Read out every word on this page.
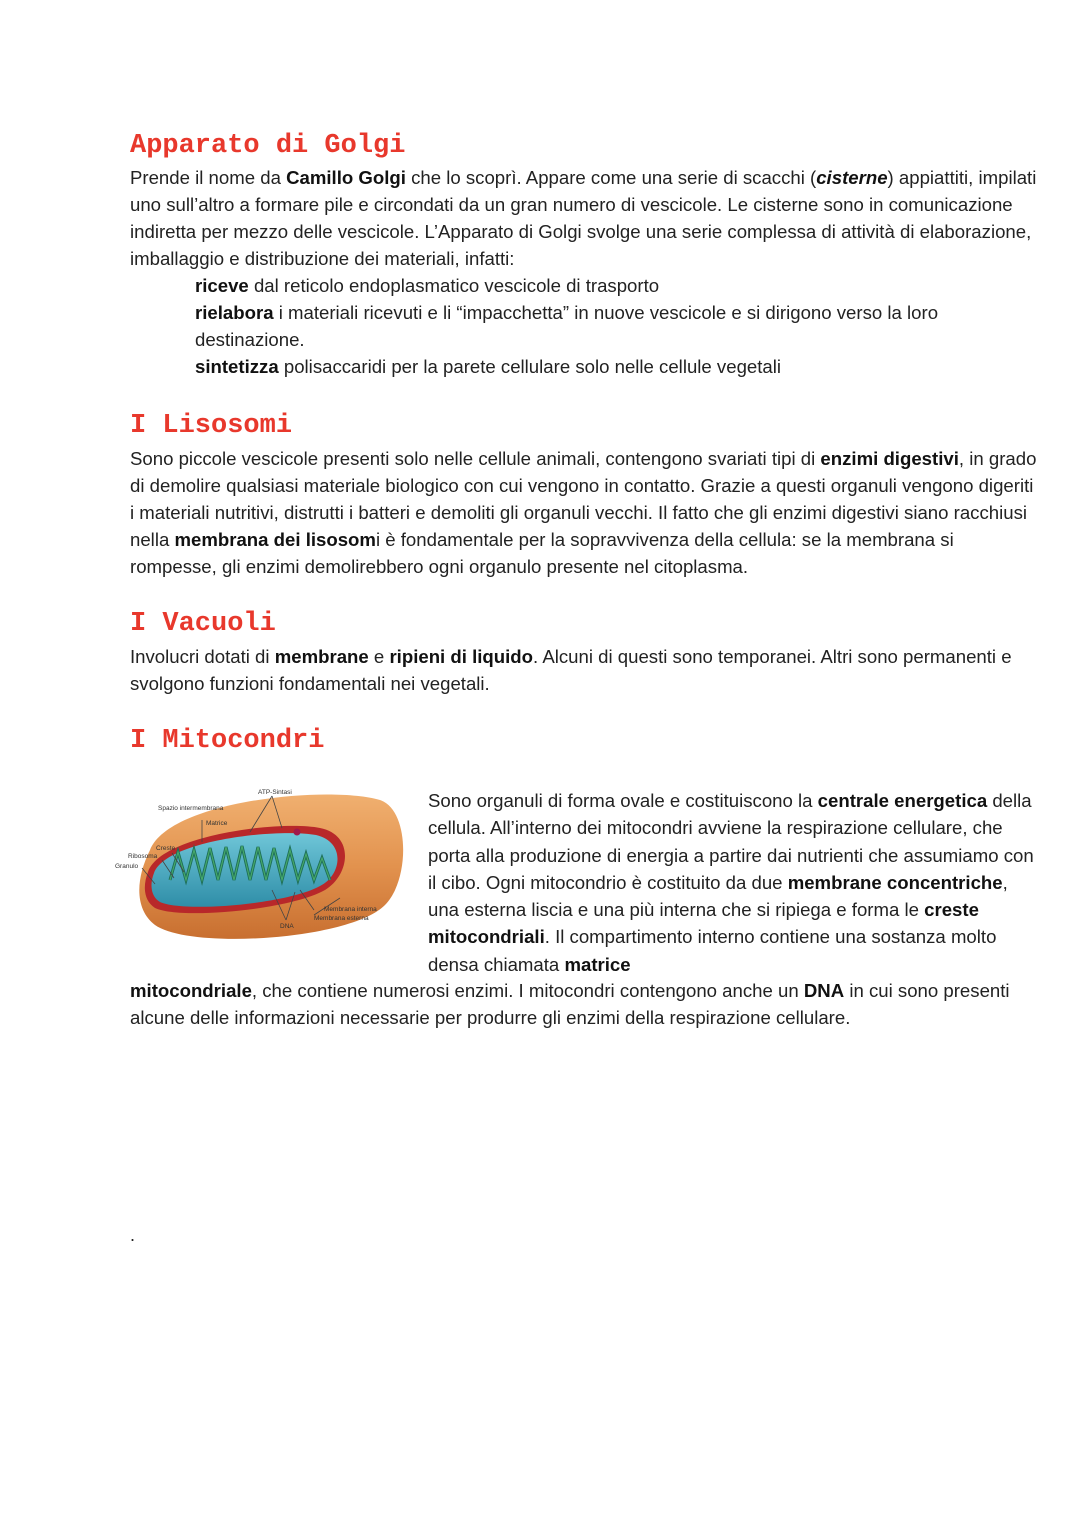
Apparato di Golgi

Prende il nome da Camillo Golgi che lo scoprì. Appare come una serie di scacchi (cisterne) appiattiti, impilati uno sull’altro a formare pile e circondati da un gran numero di vescicole. Le cisterne sono in comunicazione indiretta per mezzo delle vescicole. L’Apparato di Golgi svolge una serie complessa di attività di elaborazione, imballaggio e distribuzione dei materiali, infatti:

riceve dal reticolo endoplasmatico vescicole di trasporto
rielabora i materiali ricevuti e li “impacchetta” in nuove vescicole e si dirigono verso la loro destinazione.
sintetizza polisaccaridi per la parete cellulare solo nelle cellule vegetali
I Lisosomi

Sono piccole vescicole presenti solo nelle cellule animali, contengono svariati tipi di enzimi digestivi, in grado di demolire qualsiasi materiale biologico con cui vengono in contatto. Grazie a questi organuli vengono digeriti i materiali nutritivi, distrutti i batteri e demoliti gli organuli vecchi. Il fatto che gli enzimi digestivi siano racchiusi nella membrana dei lisosomi è fondamentale per la sopravvivenza della cellula: se la membrana si rompesse, gli enzimi demolirebbero ogni organulo presente nel citoplasma.

I Vacuoli

Involucri dotati di membrane e ripieni di liquido. Alcuni di questi sono temporanei. Altri sono permanenti e svolgono funzioni fondamentali nei vegetali.

I Mitocondri
ATP-Sintasi
Spazio intermembrana
Matrice
Creste
Ribosoma
Granulo
DNA
Membrana interna
Membrana esterna

Sono organuli di forma ovale e costituiscono la centrale energetica della cellula. All’interno dei mitocondri avviene la respirazione cellulare, che porta alla produzione di energia a partire dai nutrienti che assumiamo con il cibo. Ogni mitocondrio è costituito da due membrane concentriche, una esterna liscia e una più interna che si ripiega e forma le creste mitocondriali. Il compartimento interno contiene una sostanza molto densa chiamata matrice

mitocondriale, che contiene numerosi enzimi. I mitocondri contengono anche un DNA in cui sono presenti alcune delle informazioni necessarie per produrre gli enzimi della respirazione cellulare.

.
